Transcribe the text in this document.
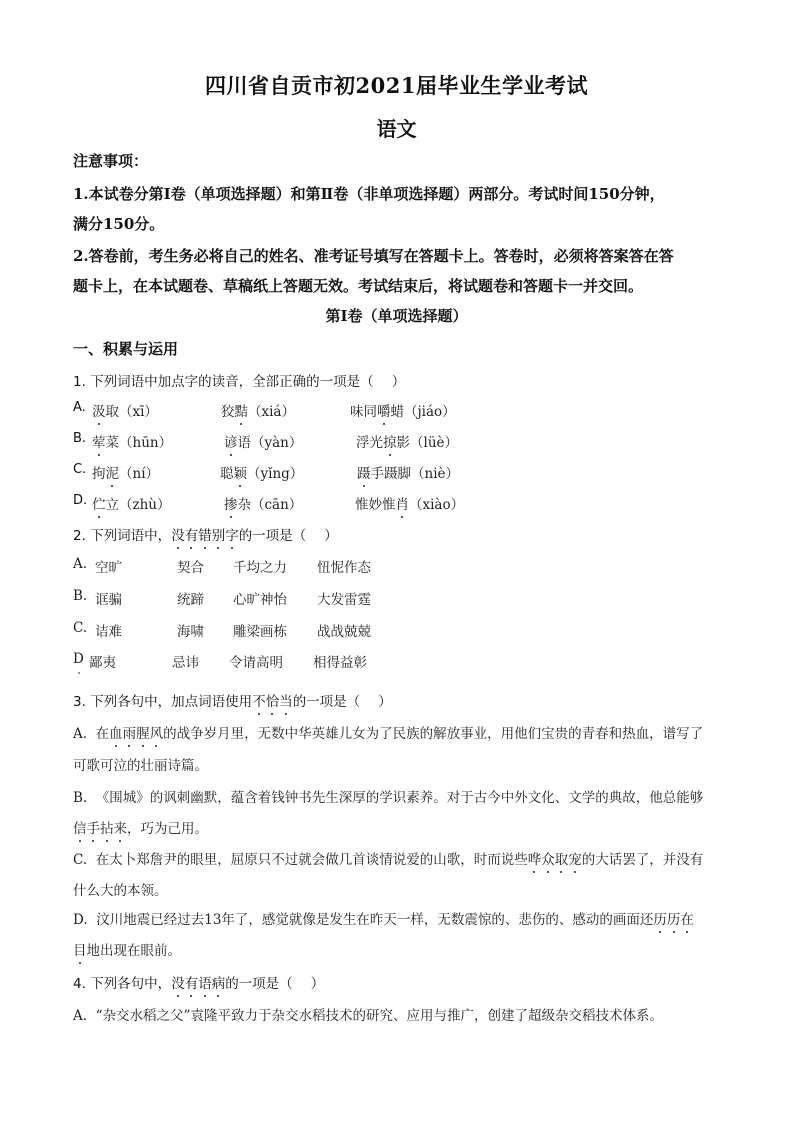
四川省自贡市初2021届毕业生学业考试
语文
注意事项：
1.本试卷分第Ⅰ卷（单项选择题）和第Ⅱ卷（非单项选择题）两部分。考试时间150分钟，
满分150分。
2.答卷前，考生务必将自己的姓名、准考证号填写在答题卡上。答卷时，必须将答案答在答
题卡上，在本试题卷、草稿纸上答题无效。考试结束后，将试题卷和答题卡一并交回。
第Ⅰ卷（单项选择题）
一、积累与运用
1. 下列词语中加点字的读音，全部正确的一项是（ ）
A. 汲取（xī）	狡黠（xiá）	味同嚼蜡（jiáo）
B. 荤菜（hūn）	谚语（yàn）	浮光掠影（lüè）
C. 拘泥（ní）	聪颖（yǐng）	蹑手蹑脚（niè）
D. 伫立（zhù）	掺杂（cān）	惟妙惟肖（xiào）
2. 下列词语中，没有错别字的一项是（ ）
A. 空旷	契合 千均之力 忸怩作态
B. 诓骗	统蹄 心旷神怡 大发雷霆
C. 诘难	海啸 雕梁画栋 战战兢兢
D 鄙夷	忌讳 令请高明 相得益彰
3. 下列各句中，加点词语使用不恰当的一项是（ ）
A. 在血雨腥风的战争岁月里，无数中华英雄儿女为了民族的解放事业，用他们宝贵的青春和热血，谱写了
可歌可泣的壮丽诗篇。
B. 《围城》的讽刺幽默，蕴含着钱钟书先生深厚的学识素养。对于古今中外文化、文学的典故，他总能够
信手拈来，巧为己用。
C. 在太卜郑詹尹的眼里，屈原只不过就会做几首谈情说爱的山歌，时而说些哗众取宠的大话罢了，并没有
什么大的本领。
D. 汶川地震已经过去13年了，感觉就像是发生在昨天一样，无数震惊的、悲伤的、感动的画面还历历在
目地出现在眼前。
4. 下列各句中，没有语病的一项是（ ）
A. “杂交水稻之父”袁隆平致力于杂交水稻技术的研究、应用与推广，创建了超级杂交稻技术体系。
